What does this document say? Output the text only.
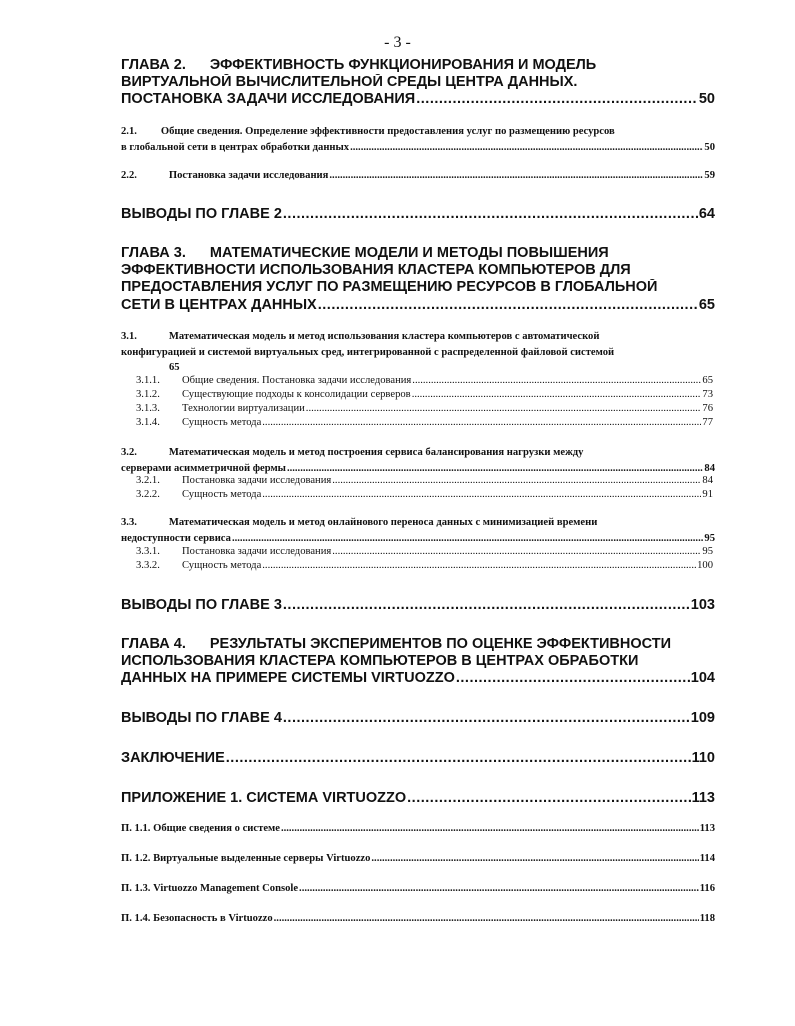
- 3 -
ГЛАВА 2. ЭФФЕКТИВНОСТЬ ФУНКЦИОНИРОВАНИЯ И МОДЕЛЬ
ВИРТУАЛЬНОЙ ВЫЧИСЛИТЕЛЬНОЙ СРЕДЫ ЦЕНТРА ДАННЫХ.
ПОСТАНОВКА ЗАДАЧИ ИССЛЕДОВАНИЯ .....	50
2.1. Общие сведения. Определение эффективности предоставления услуг по размещению ресурсов
в глобальной сети в центрах обработки данных .....	50
2.2.	Постановка задачи исследования .....	59
ВЫВОДЫ ПО ГЛАВЕ 2 .....	64
ГЛАВА 3. МАТЕМАТИЧЕСКИЕ МОДЕЛИ И МЕТОДЫ ПОВЫШЕНИЯ
ЭФФЕКТИВНОСТИ ИСПОЛЬЗОВАНИЯ КЛАСТЕРА КОМПЬЮТЕРОВ ДЛЯ
ПРЕДОСТАВЛЕНИЯ УСЛУГ ПО РАЗМЕЩЕНИЮ РЕСУРСОВ В ГЛОБАЛЬНОЙ
СЕТИ В ЦЕНТРАХ ДАННЫХ .....	65
3.1.	Математическая модель и метод использования кластера компьютеров с автоматической
конфигурацией и системой виртуальных сред, интегрированной с распределенной файловой системой
65
3.1.1. Общие сведения. Постановка задачи исследования .....	65
3.1.2. Существующие подходы к консолидации серверов .....	73
3.1.3. Технологии виртуализации .....	76
3.1.4. Сущность метода .....	77
3.2.	Математическая модель и метод построения сервиса балансирования нагрузки между
серверами асимметричной фермы .....	84
3.2.1. Постановка задачи исследования .....	84
3.2.2. Сущность метода .....	91
3.3.	Математическая модель и метод онлайнового переноса данных с минимизацией времени
недоступности сервиса .....	95
3.3.1. Постановка задачи исследования .....	95
3.3.2. Сущность метода .....	100
ВЫВОДЫ ПО ГЛАВЕ 3 .....	103
ГЛАВА 4. РЕЗУЛЬТАТЫ ЭКСПЕРИМЕНТОВ ПО ОЦЕНКЕ ЭФФЕКТИВНОСТИ
ИСПОЛЬЗОВАНИЯ КЛАСТЕРА КОМПЬЮТЕРОВ В ЦЕНТРАХ ОБРАБОТКИ
ДАННЫХ НА ПРИМЕРЕ СИСТЕМЫ VIRTUOZZO .....	104
ВЫВОДЫ ПО ГЛАВЕ 4 .....	109
ЗАКЛЮЧЕНИЕ .....	110
ПРИЛОЖЕНИЕ 1. СИСТЕМА VIRTUOZZO .....	113
П. 1.1. Общие сведения о системе .....	113
П. 1.2. Виртуальные выделенные серверы Virtuozzo .....	114
П. 1.3. Virtuozzo Management Console .....	116
П. 1.4. Безопасность в Virtuozzo .....	118
